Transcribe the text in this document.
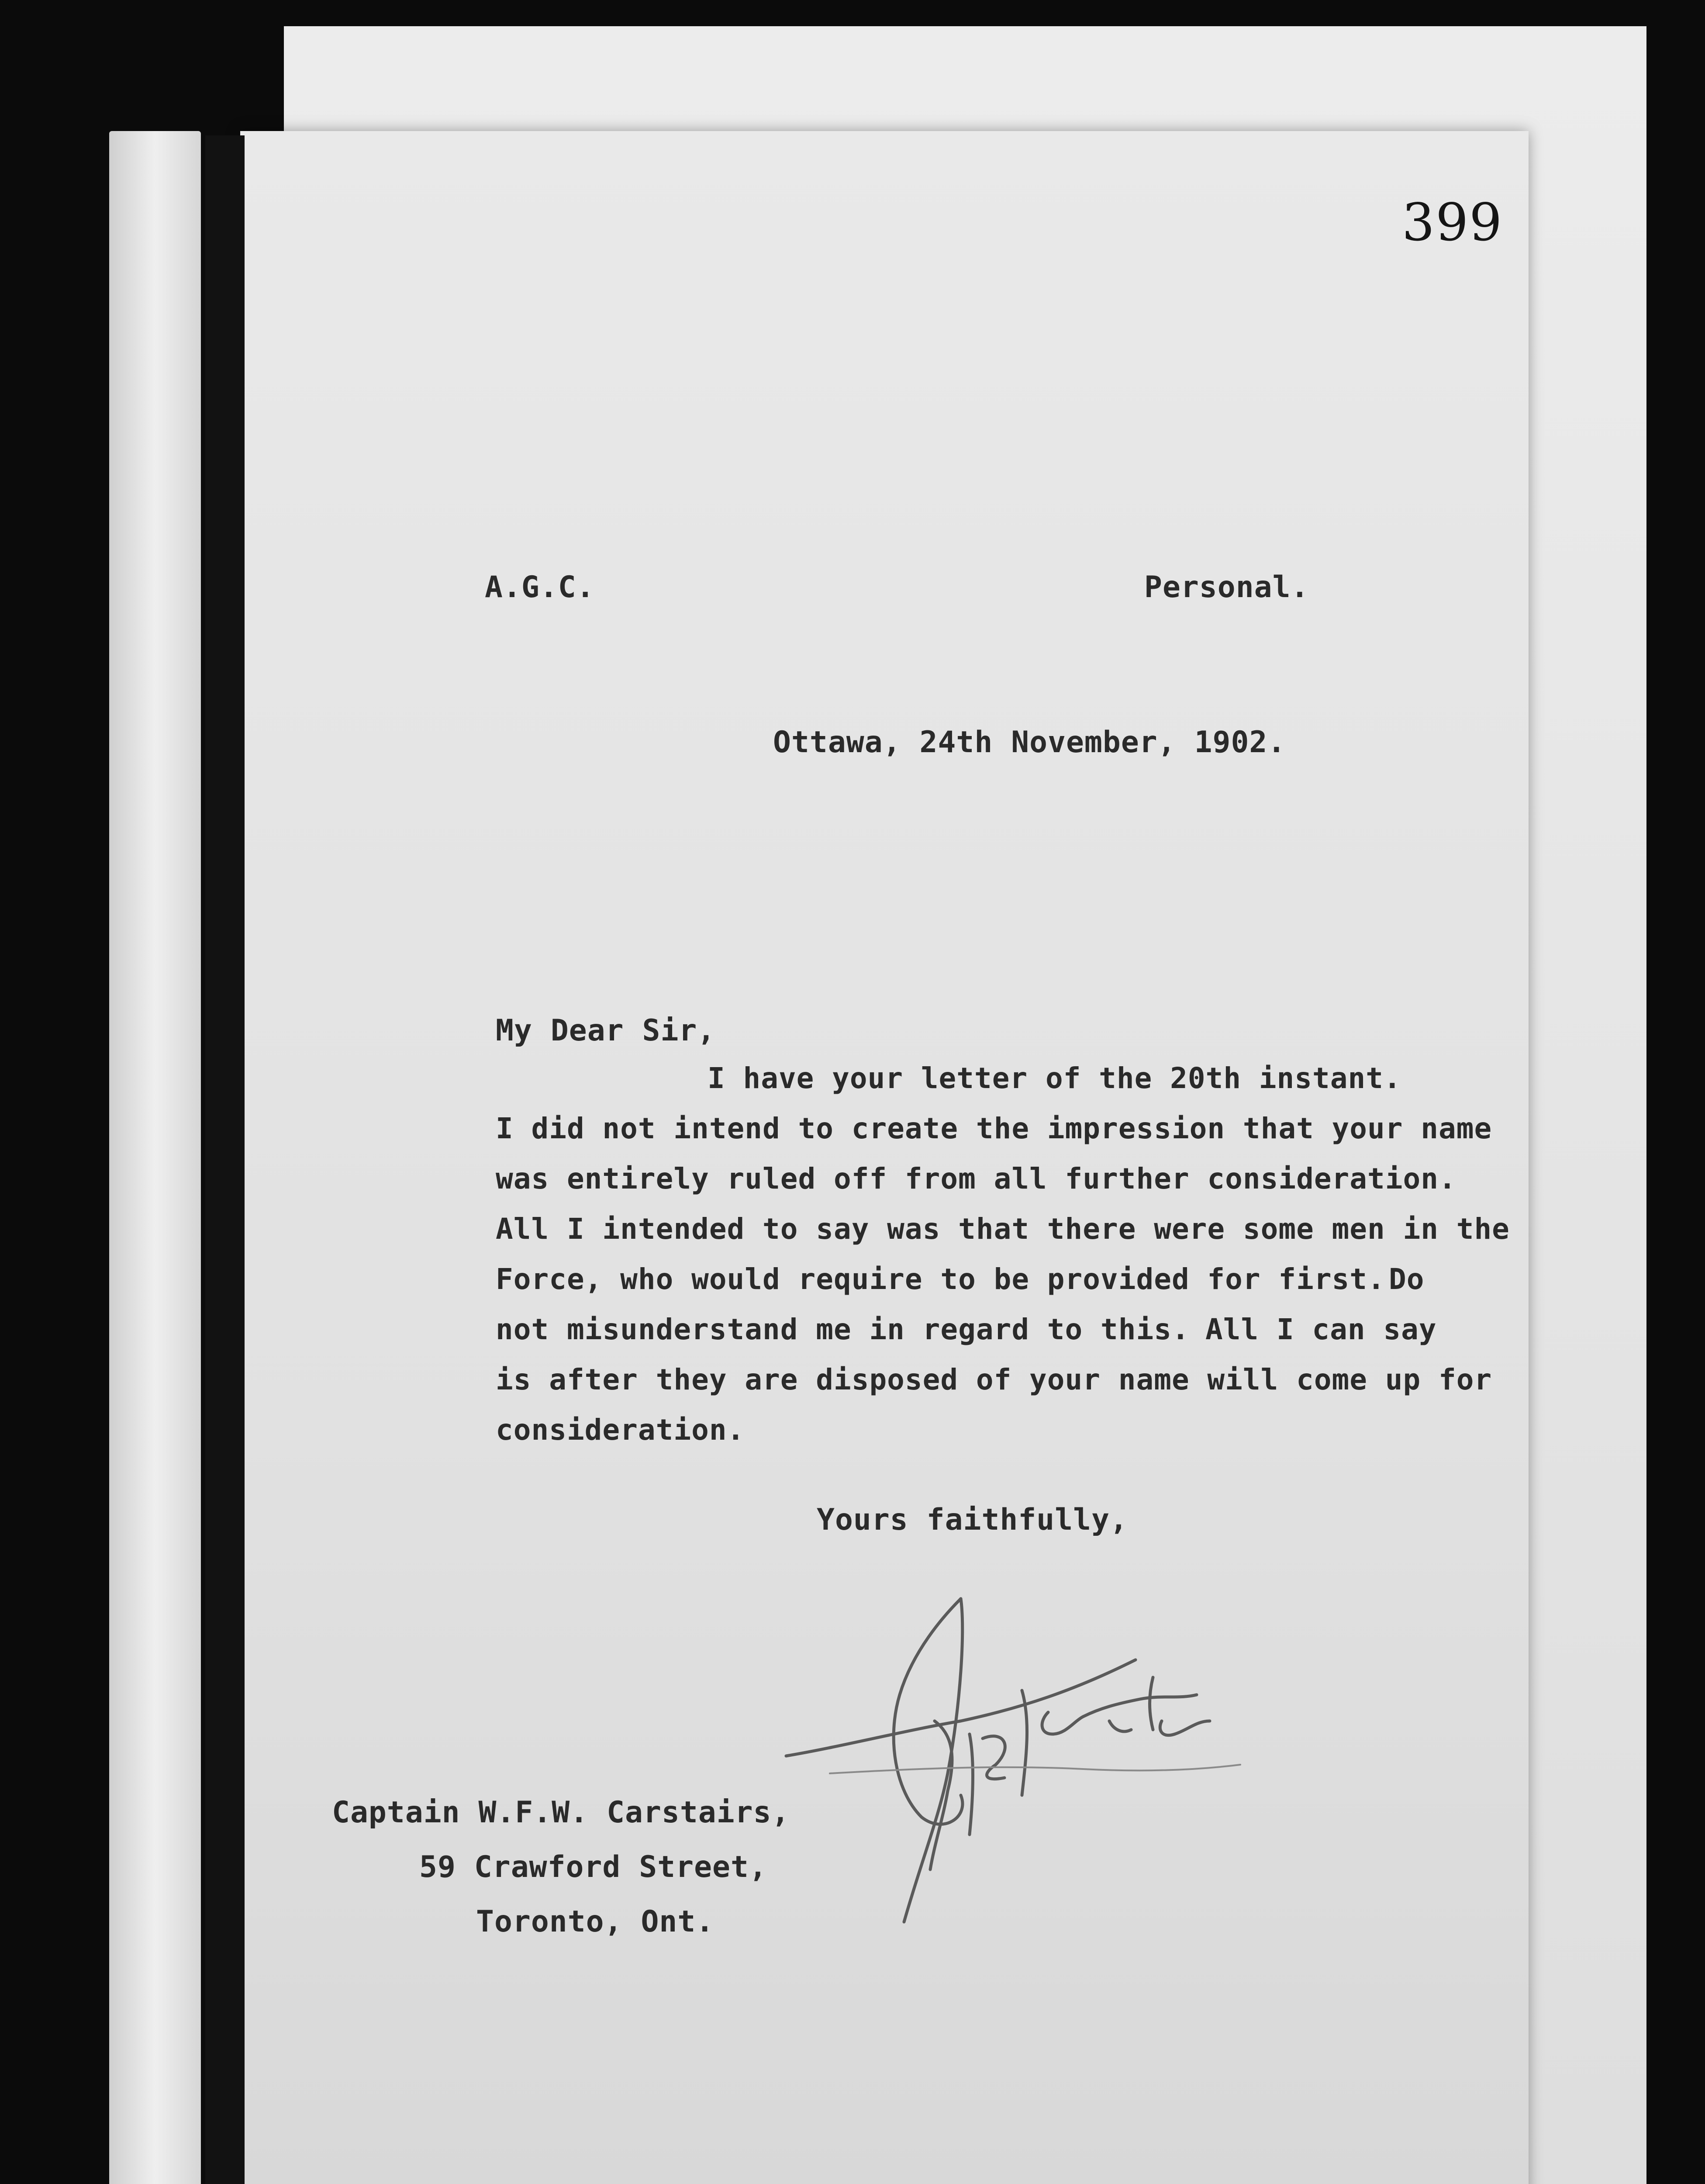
399
A.G.C.	Personal.
Ottawa, 24th November, 1902.
My Dear Sir,
I have your letter of the 20th instant.
I did not intend to create the impression that your name
was entirely ruled off from all further consideration.
All I intended to say was that there were some men in the
Force, who would require to be provided for first. Do
not misunderstand me in regard to this. All I can say
is after they are disposed of your name will come up for
consideration.
Yours faithfully,
Captain W.F.W. Carstairs,
59 Crawford Street,
Toronto, Ont.
